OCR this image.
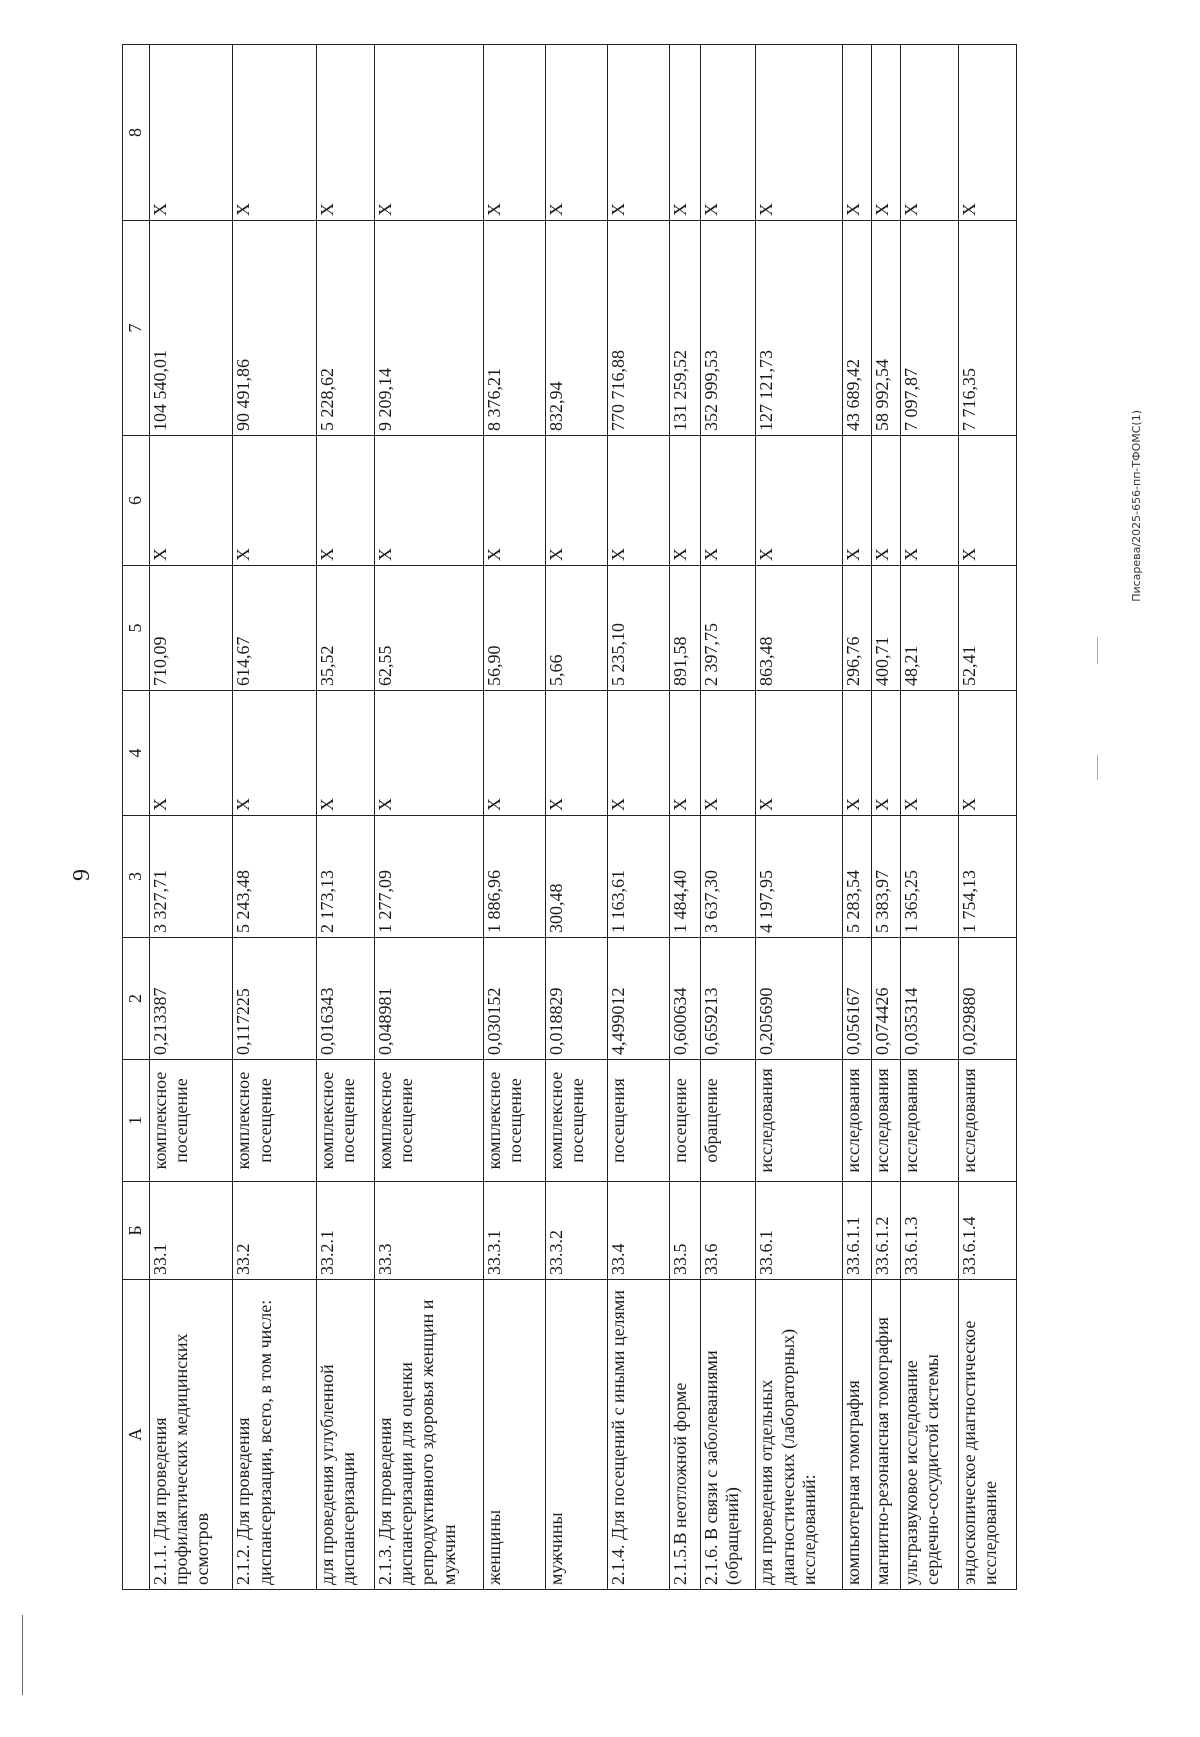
9
Писарева/2025-656-пп-ТФОМС(1)
А	Б	1	2	3	4	5	6	7	8
2.1.1. Для проведения профилактических медицинских осмотров	33.1	комплексное посещение	0,213387	3 327,71	Х	710,09	Х	104 540,01	Х
2.1.2. Для проведения диспансеризации, всего, в том числе:	33.2	комплексное посещение	0,117225	5 243,48	Х	614,67	Х	90 491,86	Х
для проведения углубленной диспансеризации	33.2.1	комплексное посещение	0,016343	2 173,13	Х	35,52	Х	5 228,62	Х
2.1.3. Для проведения диспансеризации для оценки репродуктивного здоровья женщин и мужчин	33.3	комплексное посещение	0,048981	1 277,09	Х	62,55	Х	9 209,14	Х
женщины	33.3.1	комплексное посещение	0,030152	1 886,96	Х	56,90	Х	8 376,21	Х
мужчины	33.3.2	комплексное посещение	0,018829	300,48	Х	5,66	Х	832,94	Х
2.1.4. Для посещений с иными целями	33.4	посещения	4,499012	1 163,61	Х	5 235,10	Х	770 716,88	Х
2.1.5.В неотложной форме	33.5	посещение	0,600634	1 484,40	Х	891,58	Х	131 259,52	Х
2.1.6. В связи с заболеваниями (обращений)	33.6	обращение	0,659213	3 637,30	Х	2 397,75	Х	352 999,53	Х
для проведения отдельных диагностических (лабораторных) исследований:	33.6.1	исследования	0,205690	4 197,95	Х	863,48	Х	127 121,73	Х
компьютерная томография	33.6.1.1	исследования	0,056167	5 283,54	Х	296,76	Х	43 689,42	Х
магнитно-резонансная томография	33.6.1.2	исследования	0,074426	5 383,97	Х	400,71	Х	58 992,54	Х
ультразвуковое исследование сердечно-сосудистой системы	33.6.1.3	исследования	0,035314	1 365,25	Х	48,21	Х	7 097,87	Х
эндоскопическое диагностическое исследование	33.6.1.4	исследования	0,029880	1 754,13	Х	52,41	Х	7 716,35	Х
